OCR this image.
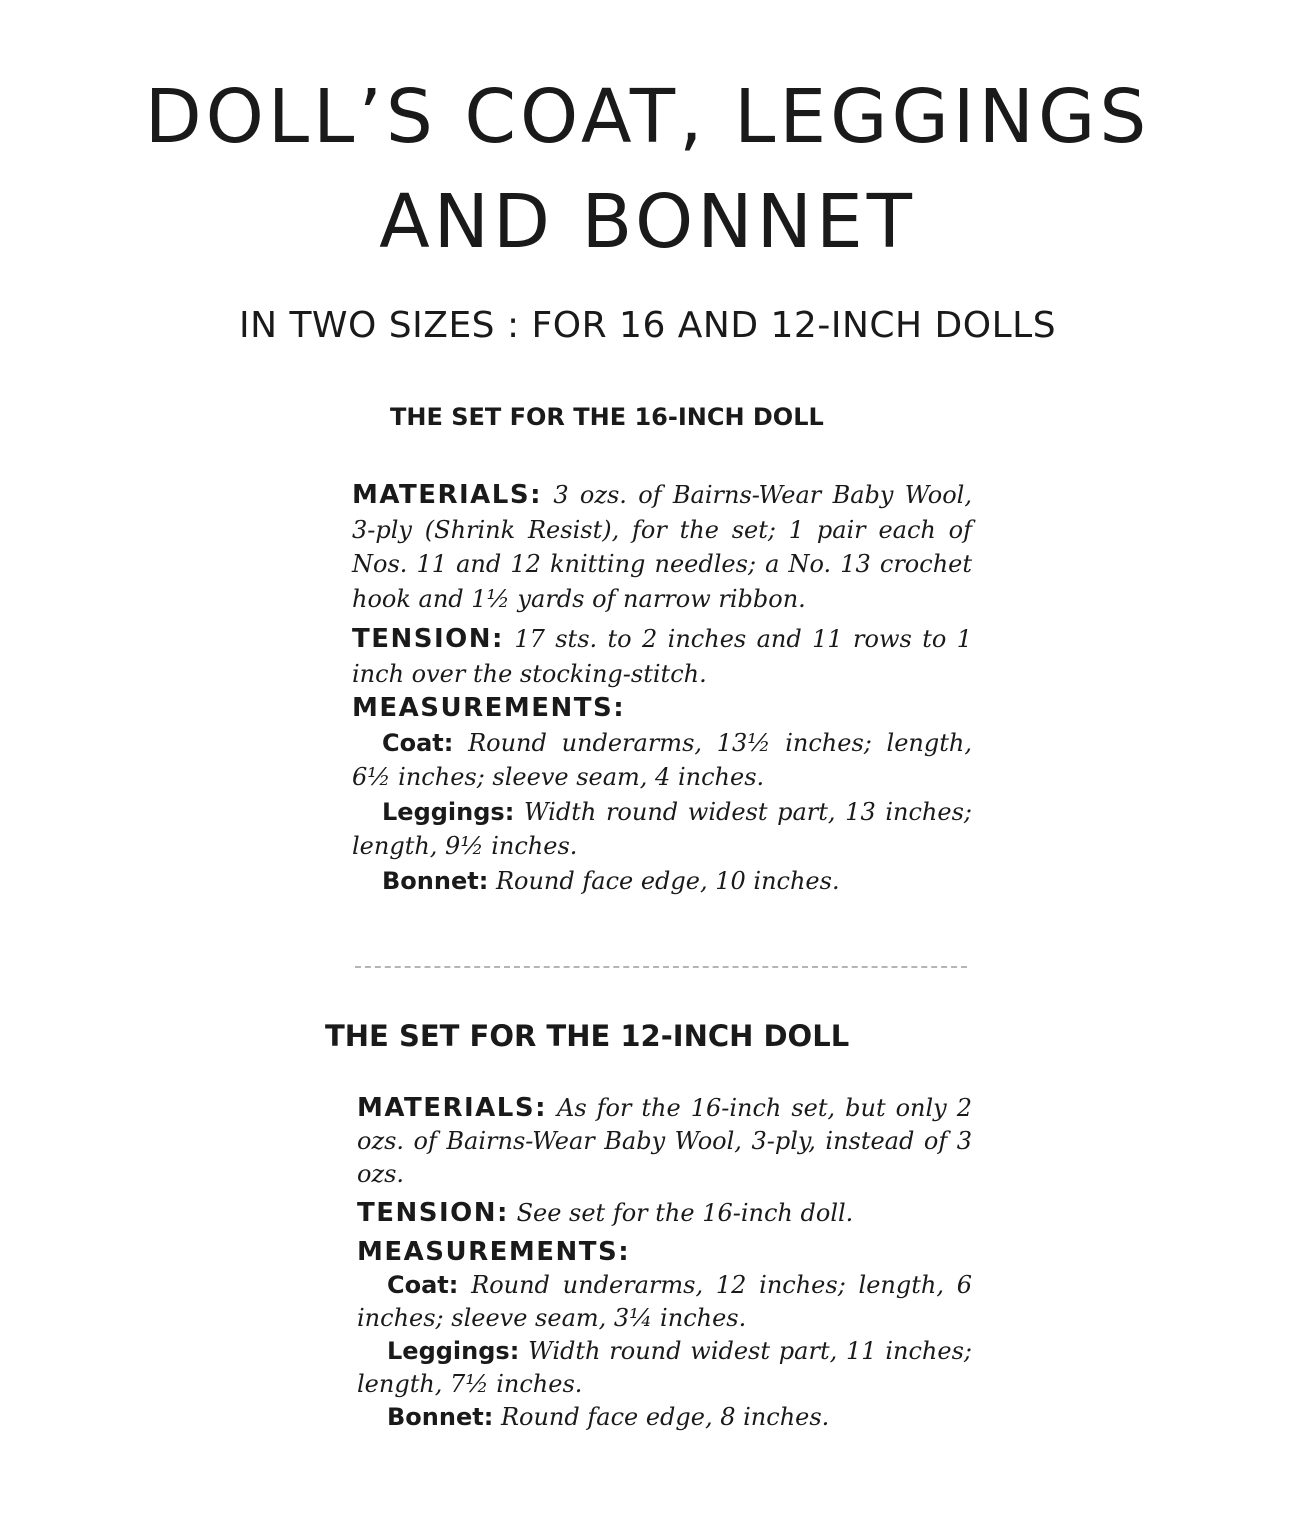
DOLL’S COAT, LEGGINGS
AND BONNET
IN TWO SIZES : FOR 16 AND 12-INCH DOLLS
THE SET FOR THE 16-INCH DOLL

MATERIALS: 3 ozs. of Bairns-Wear Baby Wool, 3-ply (Shrink Resist), for the set; 1 pair each of Nos. 11 and 12 knitting needles; a No. 13 crochet hook and 1½ yards of narrow ribbon.

TENSION: 17 sts. to 2 inches and 11 rows to 1 inch over the stocking-stitch.

MEASUREMENTS:

Coat: Round underarms, 13½ inches; length, 6½ inches; sleeve seam, 4 inches.

Leggings: Width round widest part, 13 inches; length, 9½ inches.

Bonnet: Round face edge, 10 inches.

THE SET FOR THE 12-INCH DOLL

MATERIALS: As for the 16-inch set, but only 2 ozs. of Bairns-Wear Baby Wool, 3-ply, instead of 3 ozs.

TENSION: See set for the 16-inch doll.

MEASUREMENTS:

Coat: Round underarms, 12 inches; length, 6 inches; sleeve seam, 3¼ inches.

Leggings: Width round widest part, 11 inches; length, 7½ inches.

Bonnet: Round face edge, 8 inches.
